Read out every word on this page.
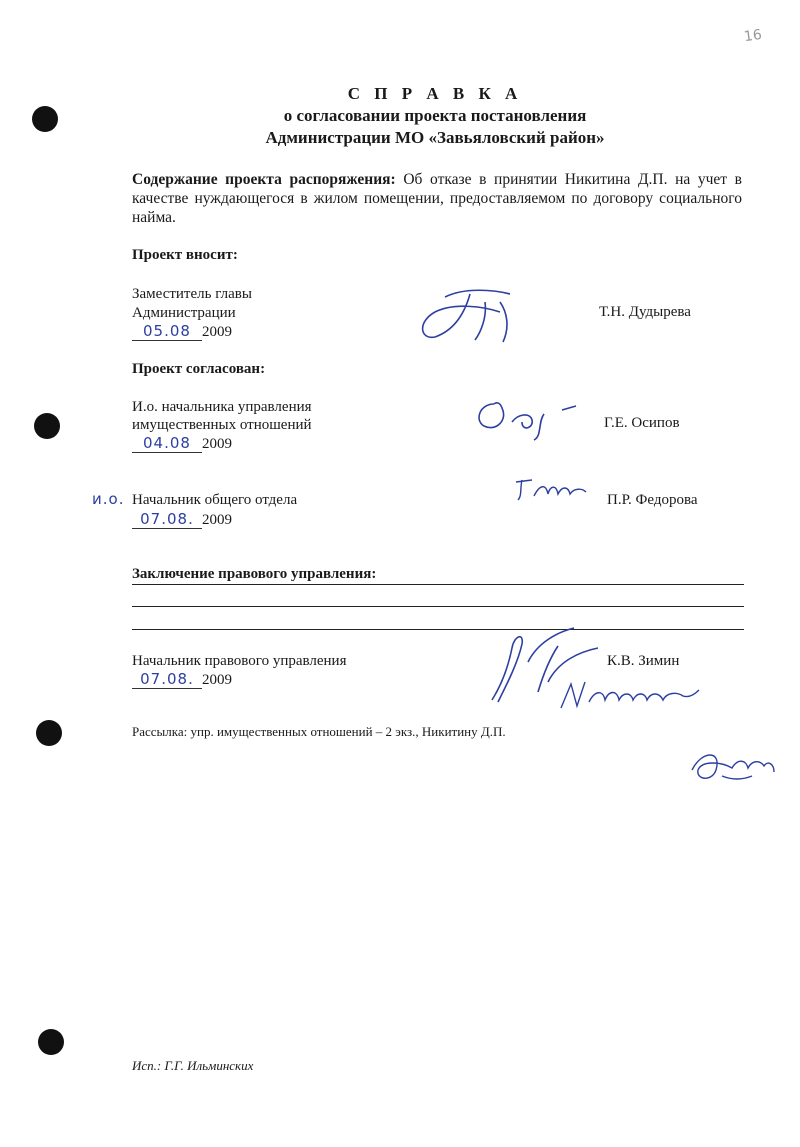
16
С П Р А В К А
о согласовании проекта постановления
Администрации МО «Завьяловский район»
Содержание проекта распоряжения: Об отказе в принятии Никитина Д.П. на учет в качестве нуждающегося в жилом помещении, предоставляемом по договору социального найма.
Проект вносит:
Заместитель главы
Администрации
05.08 2009
Т.Н. Дудырева
Проект согласован:
И.о. начальника управления
имущественных отношений
04.08 2009
Г.Е. Осипов
и.о. Начальник общего отдела
07.08. 2009
П.Р. Федорова
Заключение правового управления:
Начальник правового управления
07.08. 2009
К.В. Зимин
Рассылка: упр. имущественных отношений – 2 экз., Никитину Д.П.
Исп.: Г.Г. Ильминских
